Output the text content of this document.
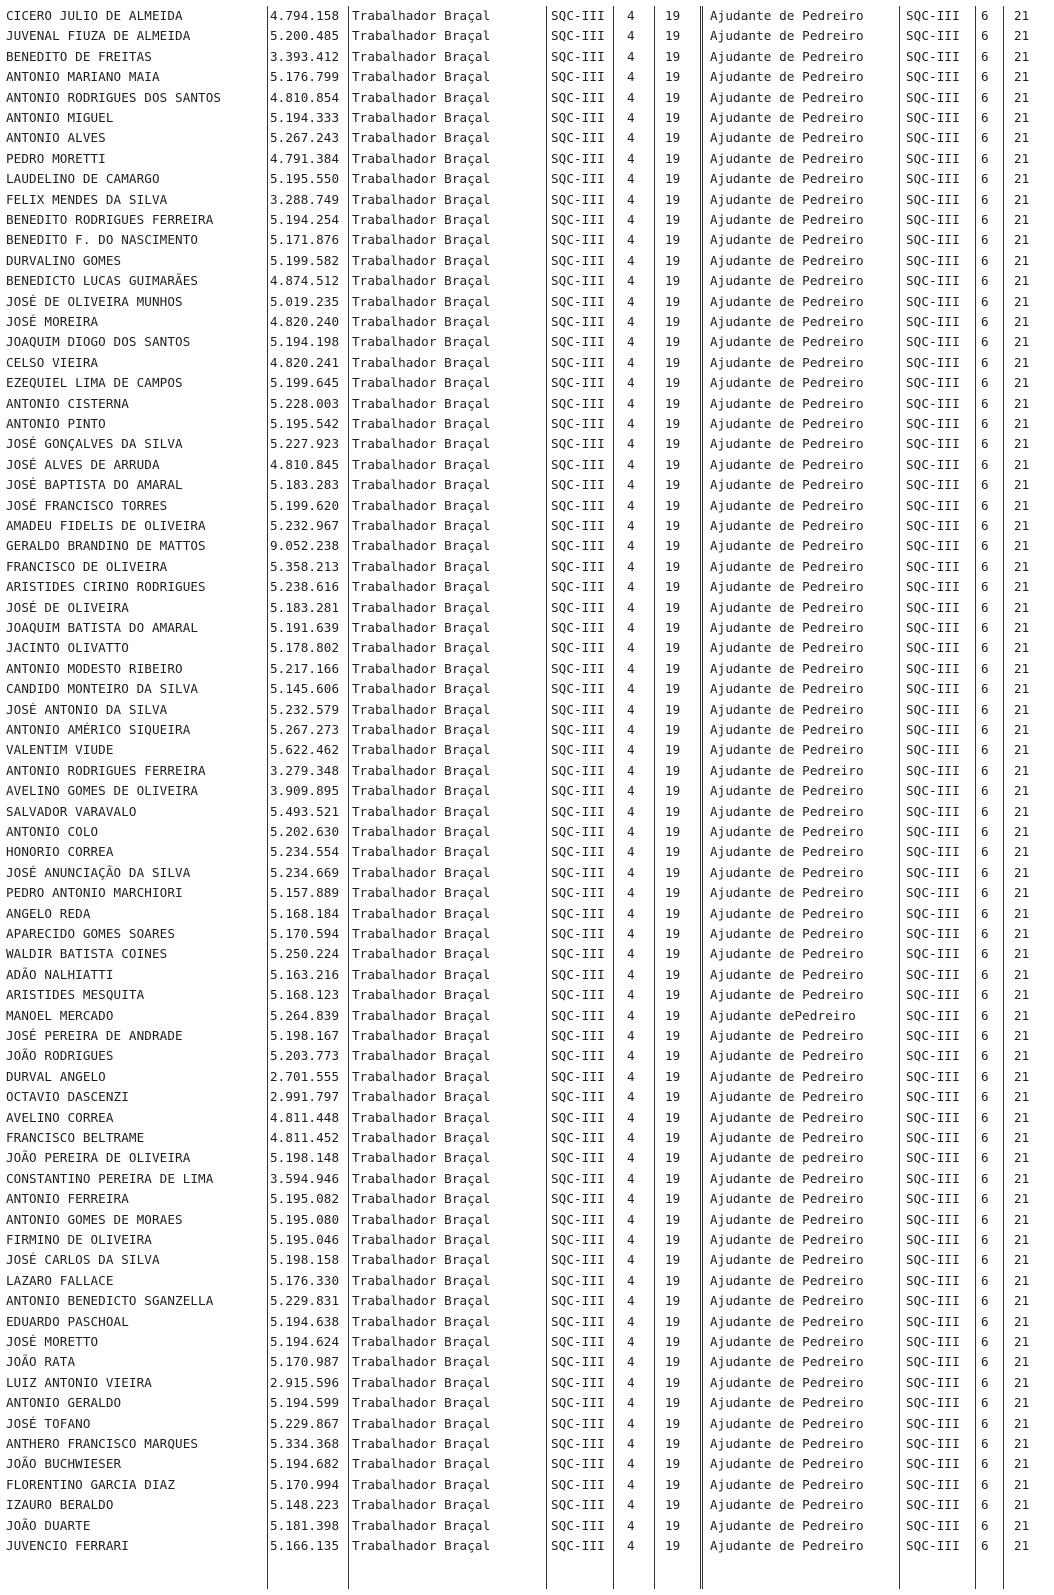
CICERO JULIO DE ALMEIDA	4.794.158	Trabalhador Braçal	SQC-III	4	19	Ajudante de Pedreiro	SQC-III	6	21
JUVENAL FIUZA DE ALMEIDA	5.200.485	Trabalhador Braçal	SQC-III	4	19	Ajudante de Pedreiro	SQC-III	6	21
BENEDITO DE FREITAS	3.393.412	Trabalhador Braçal	SQC-III	4	19	Ajudante de Pedreiro	SQC-III	6	21
ANTONIO MARIANO MAIA	5.176.799	Trabalhador Braçal	SQC-III	4	19	Ajudante de Pedreiro	SQC-III	6	21
ANTONIO RODRIGUES DOS SANTOS	4.810.854	Trabalhador Braçal	SQC-III	4	19	Ajudante de Pedreiro	SQC-III	6	21
ANTONIO MIGUEL	5.194.333	Trabalhador Braçal	SQC-III	4	19	Ajudante de Pedreiro	SQC-III	6	21
ANTONIO ALVES	5.267.243	Trabalhador Braçal	SQC-III	4	19	Ajudante de Pedreiro	SQC-III	6	21
PEDRO MORETTI	4.791.384	Trabalhador Braçal	SQC-III	4	19	Ajudante de Pedreiro	SQC-III	6	21
LAUDELINO DE CAMARGO	5.195.550	Trabalhador Braçal	SQC-III	4	19	Ajudante de Pedreiro	SQC-III	6	21
FELIX MENDES DA SILVA	3.288.749	Trabalhador Braçal	SQC-III	4	19	Ajudante de Pedreiro	SQC-III	6	21
BENEDITO RODRIGUES FERREIRA	5.194.254	Trabalhador Braçal	SQC-III	4	19	Ajudante de Pedreiro	SQC-III	6	21
BENEDITO F. DO NASCIMENTO	5.171.876	Trabalhador Braçal	SQC-III	4	19	Ajudante de Pedreiro	SQC-III	6	21
DURVALINO GOMES	5.199.582	Trabalhador Braçal	SQC-III	4	19	Ajudante de Pedreiro	SQC-III	6	21
BENEDICTO LUCAS GUIMARÃES	4.874.512	Trabalhador Braçal	SQC-III	4	19	Ajudante de Pedreiro	SQC-III	6	21
JOSÉ DE OLIVEIRA MUNHOS	5.019.235	Trabalhador Braçal	SQC-III	4	19	Ajudante de Pedreiro	SQC-III	6	21
JOSÉ MOREIRA	4.820.240	Trabalhador Braçal	SQC-III	4	19	Ajudante de Pedreiro	SQC-III	6	21
JOAQUIM DIOGO DOS SANTOS	5.194.198	Trabalhador Braçal	SQC-III	4	19	Ajudante de Pedreiro	SQC-III	6	21
CELSO VIEIRA	4.820.241	Trabalhador Braçal	SQC-III	4	19	Ajudante de Pedreiro	SQC-III	6	21
EZEQUIEL LIMA DE CAMPOS	5.199.645	Trabalhador Braçal	SQC-III	4	19	Ajudante de Pedreiro	SQC-III	6	21
ANTONIO CISTERNA	5.228.003	Trabalhador Braçal	SQC-III	4	19	Ajudante de Pedreiro	SQC-III	6	21
ANTONIO PINTO	5.195.542	Trabalhador Braçal	SQC-III	4	19	Ajudante de Pedreiro	SQC-III	6	21
JOSÉ GONÇALVES DA SILVA	5.227.923	Trabalhador Braçal	SQC-III	4	19	Ajudante de Pedreiro	SQC-III	6	21
JOSÉ ALVES DE ARRUDA	4.810.845	Trabalhador Braçal	SQC-III	4	19	Ajudante de Pedreiro	SQC-III	6	21
JOSÉ BAPTISTA DO AMARAL	5.183.283	Trabalhador Braçal	SQC-III	4	19	Ajudante de Pedreiro	SQC-III	6	21
JOSÉ FRANCISCO TORRES	5.199.620	Trabalhador Braçal	SQC-III	4	19	Ajudante de Pedreiro	SQC-III	6	21
AMADEU FIDELIS DE OLIVEIRA	5.232.967	Trabalhador Braçal	SQC-III	4	19	Ajudante de Pedreiro	SQC-III	6	21
GERALDO BRANDINO DE MATTOS	9.052.238	Trabalhador Braçal	SQC-III	4	19	Ajudante de Pedreiro	SQC-III	6	21
FRANCISCO DE OLIVEIRA	5.358.213	Trabalhador Braçal	SQC-III	4	19	Ajudante de Pedreiro	SQC-III	6	21
ARISTIDES CIRINO RODRIGUES	5.238.616	Trabalhador Braçal	SQC-III	4	19	Ajudante de Pedreiro	SQC-III	6	21
JOSÉ DE OLIVEIRA	5.183.281	Trabalhador Braçal	SQC-III	4	19	Ajudante de Pedreiro	SQC-III	6	21
JOAQUIM BATISTA DO AMARAL	5.191.639	Trabalhador Braçal	SQC-III	4	19	Ajudante de Pedreiro	SQC-III	6	21
JACINTO OLIVATTO	5.178.802	Trabalhador Braçal	SQC-III	4	19	Ajudante de Pedreiro	SQC-III	6	21
ANTONIO MODESTO RIBEIRO	5.217.166	Trabalhador Braçal	SQC-III	4	19	Ajudante de Pedreiro	SQC-III	6	21
CANDIDO MONTEIRO DA SILVA	5.145.606	Trabalhador Braçal	SQC-III	4	19	Ajudante de Pedreiro	SQC-III	6	21
JOSÉ ANTONIO DA SILVA	5.232.579	Trabalhador Braçal	SQC-III	4	19	Ajudante de Pedreiro	SQC-III	6	21
ANTONIO AMÉRICO SIQUEIRA	5.267.273	Trabalhador Braçal	SQC-III	4	19	Ajudante de Pedreiro	SQC-III	6	21
VALENTIM VIUDE	5.622.462	Trabalhador Braçal	SQC-III	4	19	Ajudante de Pedreiro	SQC-III	6	21
ANTONIO RODRIGUES FERREIRA	3.279.348	Trabalhador Braçal	SQC-III	4	19	Ajudante de Pedreiro	SQC-III	6	21
AVELINO GOMES DE OLIVEIRA	3.909.895	Trabalhador Braçal	SQC-III	4	19	Ajudante de Pedreiro	SQC-III	6	21
SALVADOR VARAVALO	5.493.521	Trabalhador Braçal	SQC-III	4	19	Ajudante de Pedreiro	SQC-III	6	21
ANTONIO COLO	5.202.630	Trabalhador Braçal	SQC-III	4	19	Ajudante de Pedreiro	SQC-III	6	21
HONORIO CORREA	5.234.554	Trabalhador Braçal	SQC-III	4	19	Ajudante de Pedreiro	SQC-III	6	21
JOSÉ ANUNCIAÇÃO DA SILVA	5.234.669	Trabalhador Braçal	SQC-III	4	19	Ajudante de Pedreiro	SQC-III	6	21
PEDRO ANTONIO MARCHIORI	5.157.889	Trabalhador Braçal	SQC-III	4	19	Ajudante de Pedreiro	SQC-III	6	21
ANGELO REDA	5.168.184	Trabalhador Braçal	SQC-III	4	19	Ajudante de Pedreiro	SQC-III	6	21
APARECIDO GOMES SOARES	5.170.594	Trabalhador Braçal	SQC-III	4	19	Ajudante de Pedreiro	SQC-III	6	21
WALDIR BATISTA COINES	5.250.224	Trabalhador Braçal	SQC-III	4	19	Ajudante de Pedreiro	SQC-III	6	21
ADÃO NALHIATTI	5.163.216	Trabalhador Braçal	SQC-III	4	19	Ajudante de Pedreiro	SQC-III	6	21
ARISTIDES MESQUITA	5.168.123	Trabalhador Braçal	SQC-III	4	19	Ajudante de Pedreiro	SQC-III	6	21
MANOEL MERCADO	5.264.839	Trabalhador Braçal	SQC-III	4	19	Ajudante dePedreiro	SQC-III	6	21
JOSÉ PEREIRA DE ANDRADE	5.198.167	Trabalhador Braçal	SQC-III	4	19	Ajudante de Pedreiro	SQC-III	6	21
JOÃO RODRIGUES	5.203.773	Trabalhador Braçal	SQC-III	4	19	Ajudante de Pedreiro	SQC-III	6	21
DURVAL ANGELO	2.701.555	Trabalhador Braçal	SQC-III	4	19	Ajudante de Pedreiro	SQC-III	6	21
OCTAVIO DASCENZI	2.991.797	Trabalhador Braçal	SQC-III	4	19	Ajudante de Pedreiro	SQC-III	6	21
AVELINO CORREA	4.811.448	Trabalhador Braçal	SQC-III	4	19	Ajudante de Pedreiro	SQC-III	6	21
FRANCISCO BELTRAME	4.811.452	Trabalhador Braçal	SQC-III	4	19	Ajudante de Pedreiro	SQC-III	6	21
JOÃO PEREIRA DE OLIVEIRA	5.198.148	Trabalhador Braçal	SQC-III	4	19	Ajudante de pedreiro	SQC-III	6	21
CONSTANTINO PEREIRA DE LIMA	3.594.946	Trabalhador Braçal	SQC-III	4	19	Ajudante de Pedreiro	SQC-III	6	21
ANTONIO FERREIRA	5.195.082	Trabalhador Braçal	SQC-III	4	19	Ajudante de Pedreiro	SQC-III	6	21
ANTONIO GOMES DE MORAES	5.195.080	Trabalhador Braçal	SQC-III	4	19	Ajudante de Pedreiro	SQC-III	6	21
FIRMINO DE OLIVEIRA	5.195.046	Trabalhador Braçal	SQC-III	4	19	Ajudante de Pedreiro	SQC-III	6	21
JOSÉ CARLOS DA SILVA	5.198.158	Trabalhador Braçal	SQC-III	4	19	Ajudante de Pedreiro	SQC-III	6	21
LAZARO FALLACE	5.176.330	Trabalhador Braçal	SQC-III	4	19	Ajudante de Pedreiro	SQC-III	6	21
ANTONIO BENEDICTO SGANZELLA	5.229.831	Trabalhador Braçal	SQC-III	4	19	Ajudante de Pedreiro	SQC-III	6	21
EDUARDO PASCHOAL	5.194.638	Trabalhador Braçal	SQC-III	4	19	Ajudante de Pedreiro	SQC-III	6	21
JOSÉ MORETTO	5.194.624	Trabalhador Braçal	SQC-III	4	19	Ajudante de Pedreiro	SQC-III	6	21
JOÃO RATA	5.170.987	Trabalhador Braçal	SQC-III	4	19	Ajudante de Pedreiro	SQC-III	6	21
LUIZ ANTONIO VIEIRA	2.915.596	Trabalhador Braçal	SQC-III	4	19	Ajudante de Pedreiro	SQC-III	6	21
ANTONIO GERALDO	5.194.599	Trabalhador Braçal	SQC-III	4	19	Ajudante de Pedreiro	SQC-III	6	21
JOSÉ TOFANO	5.229.867	Trabalhador Braçal	SQC-III	4	19	Ajudante de Pedreiro	SQC-III	6	21
ANTHERO FRANCISCO MARQUES	5.334.368	Trabalhador Braçal	SQC-III	4	19	Ajudante de Pedreiro	SQC-III	6	21
JOÃO BUCHWIESER	5.194.682	Trabalhador Braçal	SQC-III	4	19	Ajudante de Pedreiro	SQC-III	6	21
FLORENTINO GARCIA DIAZ	5.170.994	Trabalhador Braçal	SQC-III	4	19	Ajudante de Pedreiro	SQC-III	6	21
IZAURO BERALDO	5.148.223	Trabalhador Braçal	SQC-III	4	19	Ajudante de Pedreiro	SQC-III	6	21
JOÃO DUARTE	5.181.398	Trabalhador Braçal	SQC-III	4	19	Ajudante de Pedreiro	SQC-III	6	21
JUVENCIO FERRARI	5.166.135	Trabalhador Braçal	SQC-III	4	19	Ajudante de Pedreiro	SQC-III	6	21
